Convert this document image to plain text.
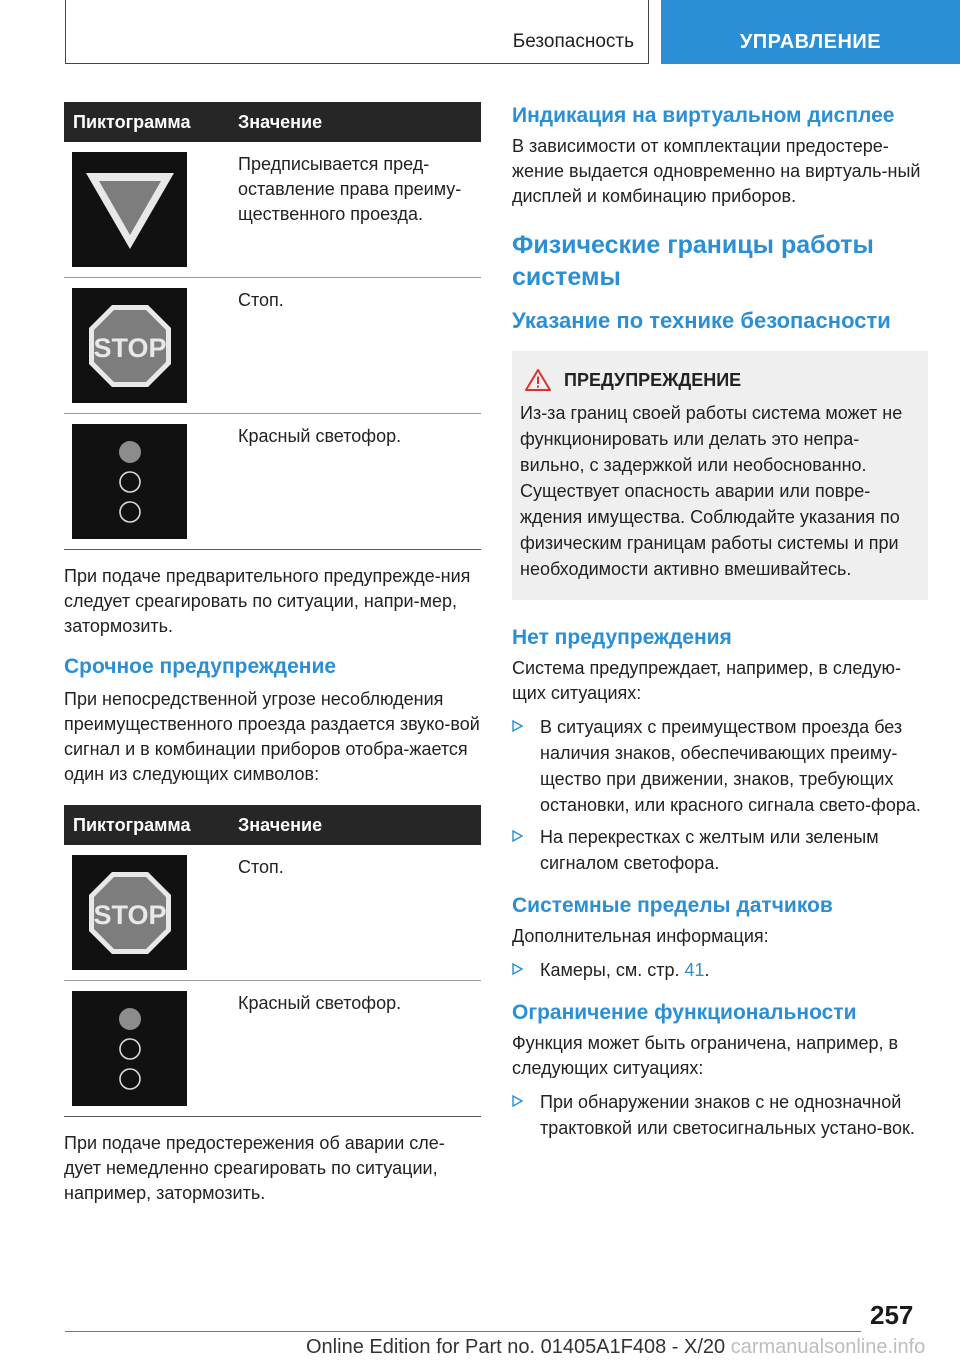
Безопасность	УПРАВЛЕНИЕ
Пиктограмма	Значение
Предписывается пред-оставление права преиму-щественного проезда.
STOP
Стоп.
Красный светофор.

При подаче предварительного предупрежде-ния следует среагировать по ситуации, напри-мер, затормозить.

Срочное предупреждение

При непосредственной угрозе несоблюдения преимущественного проезда раздается звуко-вой сигнал и в комбинации приборов отобра-жается один из следующих символов:

Пиктограмма	Значение
STOP
Стоп.
Красный светофор.

При подаче предостережения об аварии сле-дует немедленно среагировать по ситуации, например, затормозить.

Индикация на виртуальном дисплее

В зависимости от комплектации предостере-жение выдается одновременно на виртуаль-ный дисплей и комбинацию приборов.

Физические границы работы системы
Указание по технике безопасности
ПРЕДУПРЕЖДЕНИЕ
Из-за границ своей работы система может не функционировать или делать это непра-вильно, с задержкой или необоснованно. Существует опасность аварии или повре-ждения имущества. Соблюдайте указания по физическим границам работы системы и при необходимости активно вмешивайтесь.
Нет предупреждения

Система предупреждает, например, в следую-щих ситуациях:

В ситуациях с преимуществом проезда без наличия знаков, обеспечивающих преиму-щество при движении, знаков, требующих остановки, или красного сигнала свето-фора.
На перекрестках с желтым или зеленым сигналом светофора.
Системные пределы датчиков

Дополнительная информация:

Камеры, см. стр. 41.
Ограничение функциональности

Функция может быть ограничена, например, в следующих ситуациях:

При обнаружении знаков с не однозначной трактовкой или светосигнальных устано-вок.
257
Online Edition for Part no. 01405A1F408 - X/20 carmanualsonline.info
